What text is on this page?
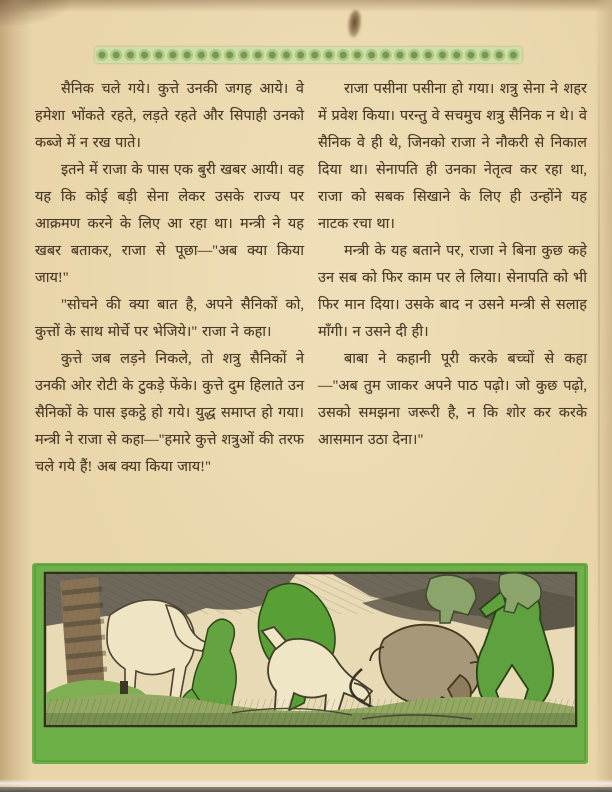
सैनिक चले गये। कुत्ते उनकी जगह आये। वे हमेशा भोंकते रहते, लड़ते रहते और सिपाही उनको कब्जे में न रख पाते।

इतने में राजा के पास एक बुरी खबर आयी। वह यह कि कोई बड़ी सेना लेकर उसके राज्य पर आक्रमण करने के लिए आ रहा था। मन्त्री ने यह खबर बताकर, राजा से पूछा—"अब क्या किया जाय!"

"सोचने की क्या बात है, अपने सैनिकों को, कुत्तों के साथ मोर्चे पर भेजिये।" राजा ने कहा।

कुत्ते जब लड़ने निकले, तो शत्रु सैनिकों ने उनकी ओर रोटी के टुकड़े फेंके। कुत्ते दुम हिलाते उन सैनिकों के पास इकट्ठे हो गये। युद्ध समाप्त हो गया। मन्त्री ने राजा से कहा—"हमारे कुत्ते शत्रुओं की तरफ चले गये हैं! अब क्या किया जाय!"

राजा पसीना पसीना हो गया। शत्रु सेना ने शहर में प्रवेश किया। परन्तु वे सचमुच शत्रु सैनिक न थे। वे सैनिक वे ही थे, जिनको राजा ने नौकरी से निकाल दिया था। सेनापति ही उनका नेतृत्व कर रहा था, राजा को सबक सिखाने के लिए ही उन्होंने यह नाटक रचा था।

मन्त्री के यह बताने पर, राजा ने बिना कुछ कहे उन सब को फिर काम पर ले लिया। सेनापति को भी फिर मान दिया। उसके बाद न उसने मन्त्री से सलाह माँगी। न उसने दी ही।

बाबा ने कहानी पूरी करके बच्चों से कहा—"अब तुम जाकर अपने पाठ पढ़ो। जो कुछ पढ़ो, उसको समझना जरूरी है, न कि शोर कर करके आसमान उठा देना।"
